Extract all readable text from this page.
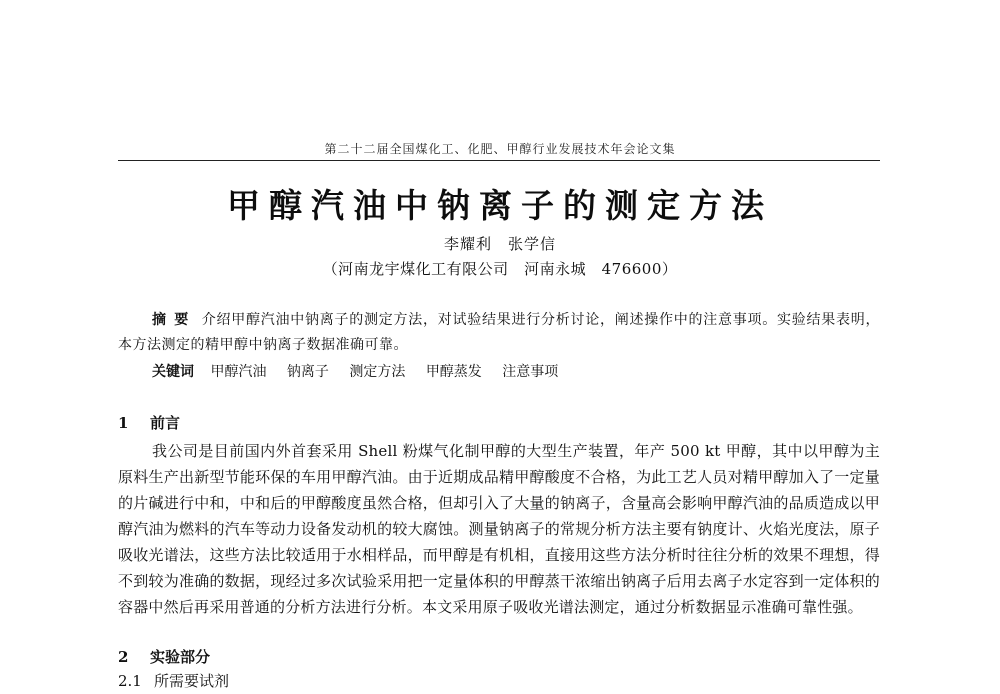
第二十二届全国煤化工、化肥、甲醇行业发展技术年会论文集
甲醇汽油中钠离子的测定方法
李耀利　张学信
（河南龙宇煤化工有限公司　河南永城　476600）
摘要 介绍甲醇汽油中钠离子的测定方法，对试验结果进行分析讨论，阐述操作中的注意事项。实验结果表明，本方法测定的精甲醇中钠离子数据准确可靠。
关键词 甲醇汽油 钠离子 测定方法 甲醇蒸发 注意事项
1 前言
我公司是目前国内外首套采用 Shell 粉煤气化制甲醇的大型生产装置，年产 500 kt 甲醇，其中以甲醇为主原料生产出新型节能环保的车用甲醇汽油。由于近期成品精甲醇酸度不合格，为此工艺人员对精甲醇加入了一定量的片碱进行中和，中和后的甲醇酸度虽然合格，但却引入了大量的钠离子，含量高会影响甲醇汽油的品质造成以甲醇汽油为燃料的汽车等动力设备发动机的较大腐蚀。测量钠离子的常规分析方法主要有钠度计、火焰光度法，原子吸收光谱法，这些方法比较适用于水相样品，而甲醇是有机相，直接用这些方法分析时往往分析的效果不理想，得不到较为准确的数据，现经过多次试验采用把一定量体积的甲醇蒸干浓缩出钠离子后用去离子水定容到一定体积的容器中然后再采用普通的分析方法进行分析。本文采用原子吸收光谱法测定，通过分析数据显示准确可靠性强。
2 实验部分
2.1 所需要试剂
